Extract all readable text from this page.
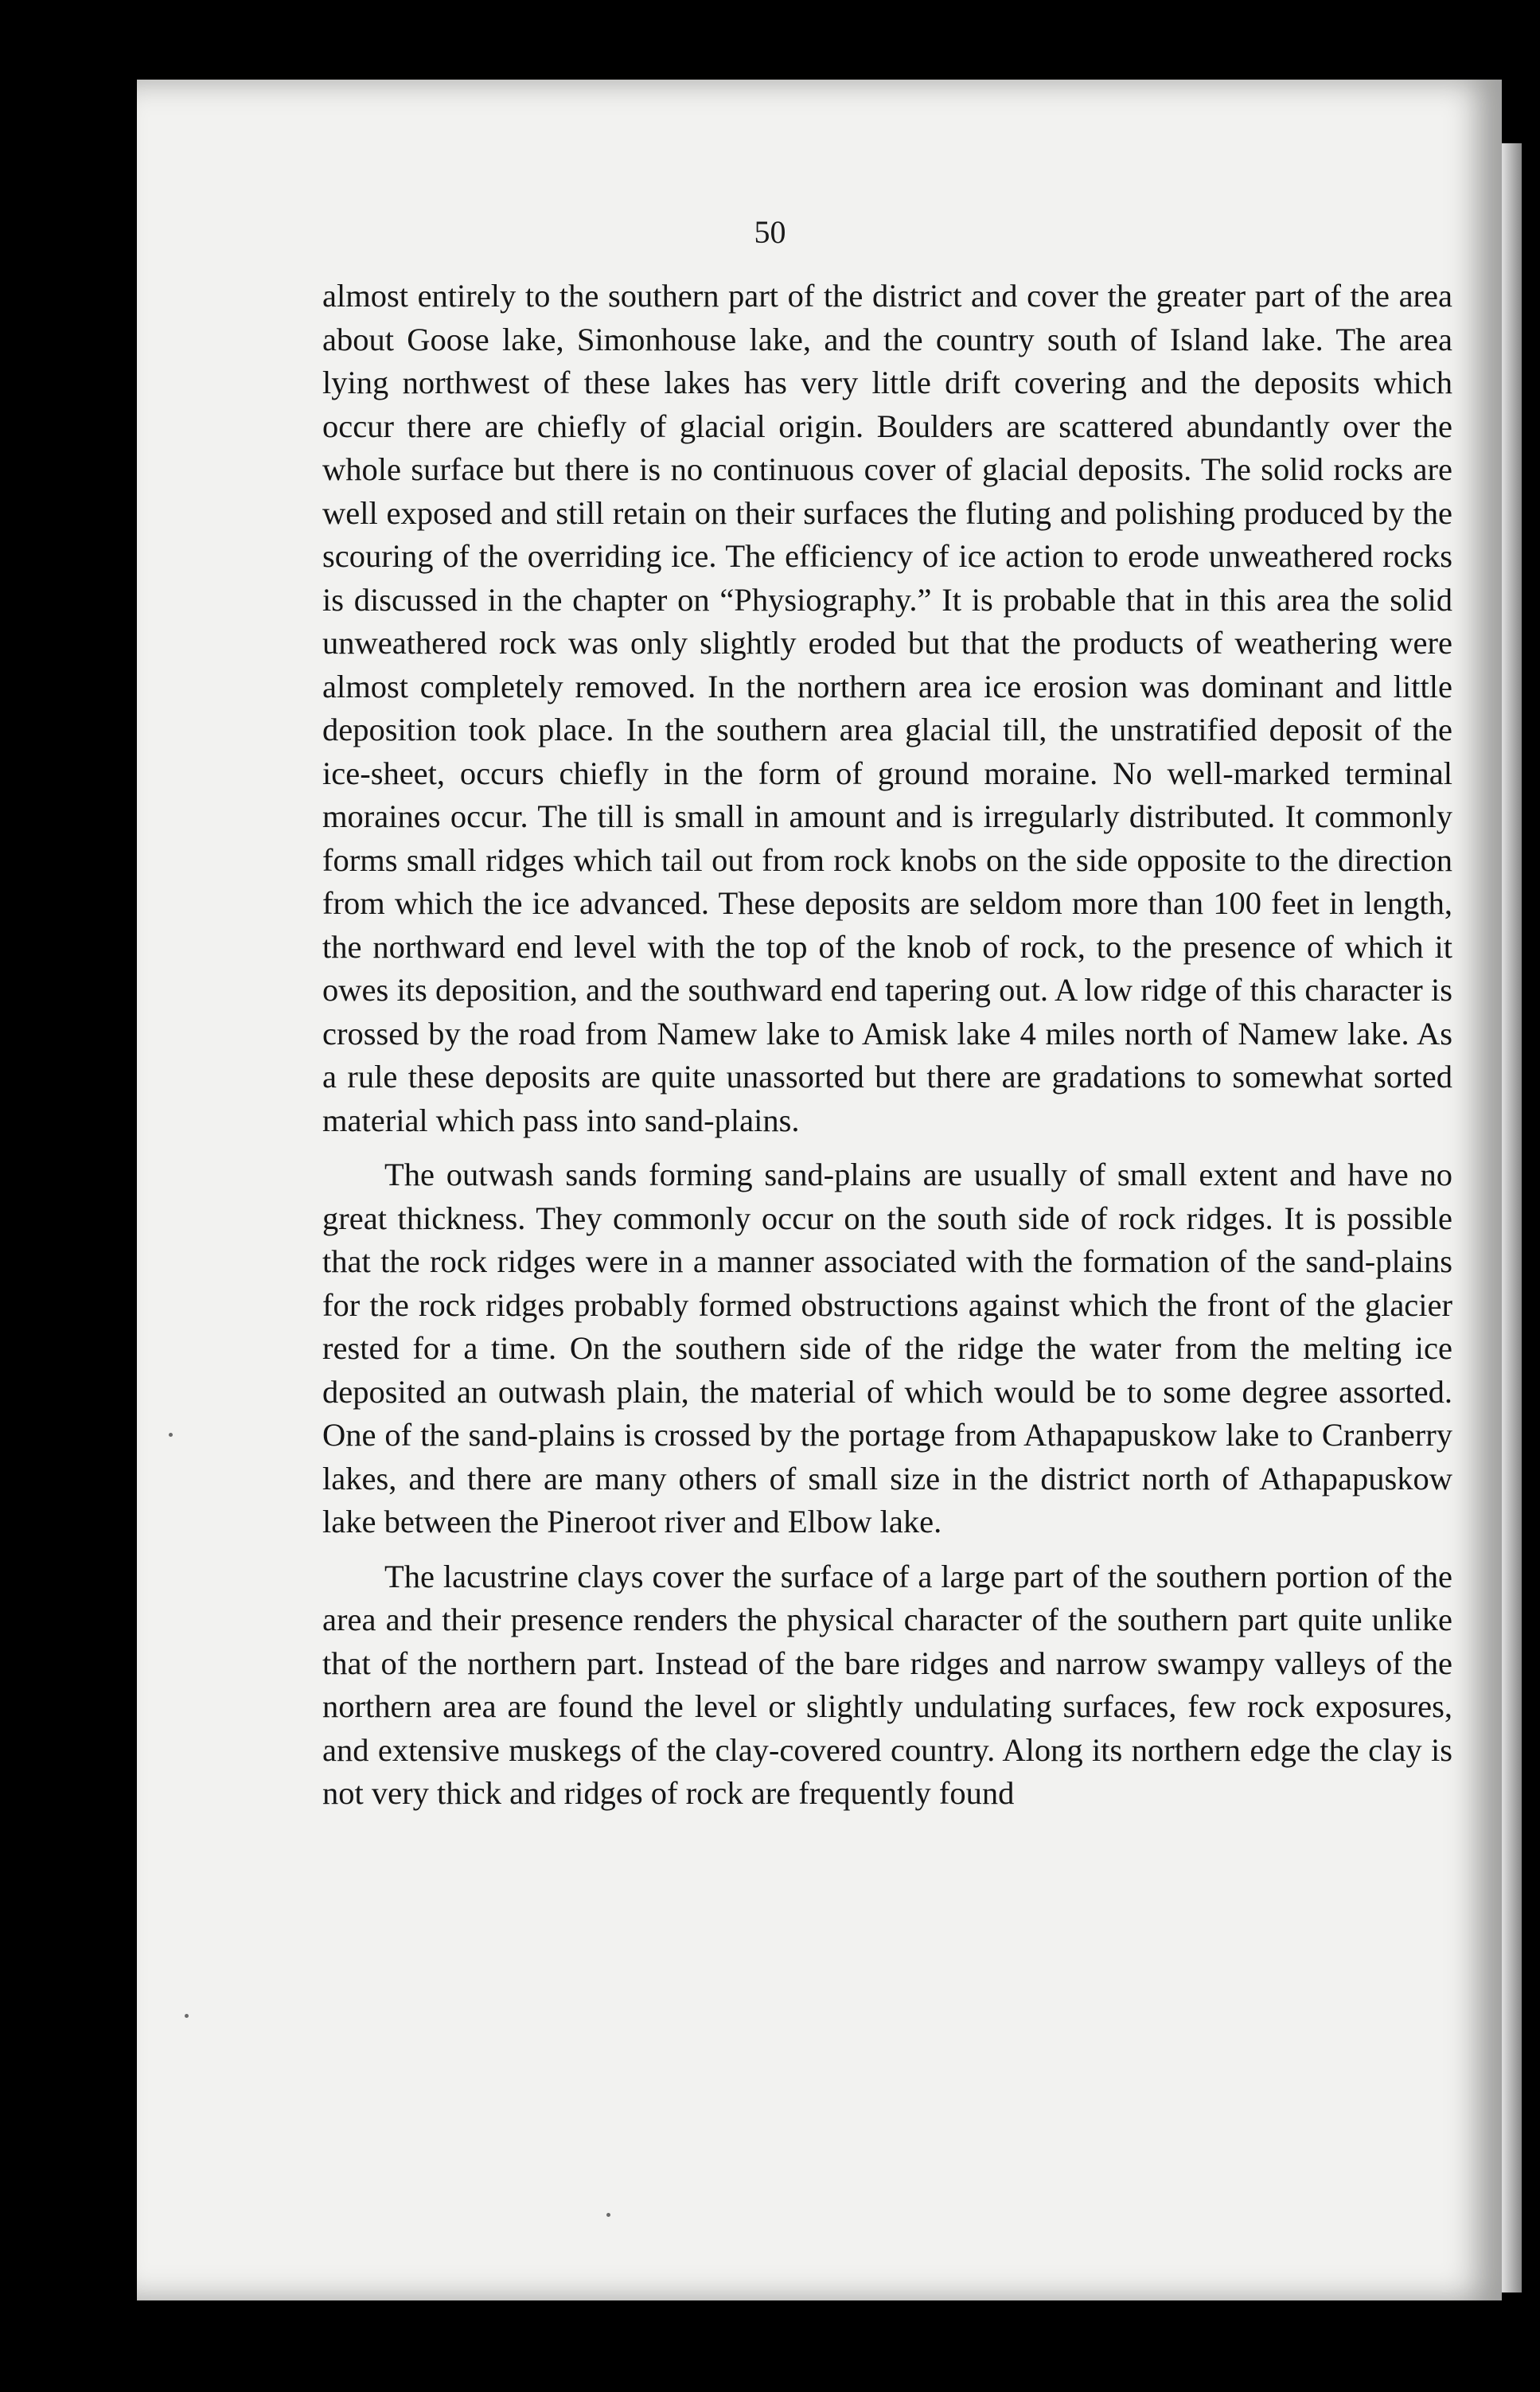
50

almost entirely to the southern part of the district and cover the greater part of the area about Goose lake, Simonhouse lake, and the country south of Island lake. The area lying northwest of these lakes has very little drift covering and the deposits which occur there are chiefly of glacial origin. Boulders are scattered abundantly over the whole surface but there is no continuous cover of glacial deposits. The solid rocks are well exposed and still retain on their surfaces the fluting and polishing produced by the scouring of the overriding ice. The efficiency of ice action to erode unweathered rocks is discussed in the chapter on “Physiography.” It is probable that in this area the solid unweathered rock was only slightly eroded but that the products of weathering were almost completely removed. In the northern area ice erosion was dominant and little deposition took place. In the southern area glacial till, the unstratified deposit of the ice-sheet, occurs chiefly in the form of ground moraine. No well-marked terminal moraines occur. The till is small in amount and is irregularly distributed. It commonly forms small ridges which tail out from rock knobs on the side opposite to the direction from which the ice advanced. These deposits are seldom more than 100 feet in length, the northward end level with the top of the knob of rock, to the presence of which it owes its deposition, and the southward end tapering out. A low ridge of this character is crossed by the road from Namew lake to Amisk lake 4 miles north of Namew lake. As a rule these deposits are quite unassorted but there are gradations to somewhat sorted material which pass into sand-plains.

The outwash sands forming sand-plains are usually of small extent and have no great thickness. They commonly occur on the south side of rock ridges. It is possible that the rock ridges were in a manner associated with the formation of the sand-plains for the rock ridges probably formed obstructions against which the front of the glacier rested for a time. On the southern side of the ridge the water from the melting ice deposited an outwash plain, the material of which would be to some degree assorted. One of the sand-plains is crossed by the portage from Athapapuskow lake to Cranberry lakes, and there are many others of small size in the district north of Athapapuskow lake between the Pineroot river and Elbow lake.

The lacustrine clays cover the surface of a large part of the southern portion of the area and their presence renders the physical character of the southern part quite unlike that of the northern part. Instead of the bare ridges and narrow swampy valleys of the northern area are found the level or slightly undulating surfaces, few rock exposures, and extensive muskegs of the clay-covered country. Along its northern edge the clay is not very thick and ridges of rock are frequently found
